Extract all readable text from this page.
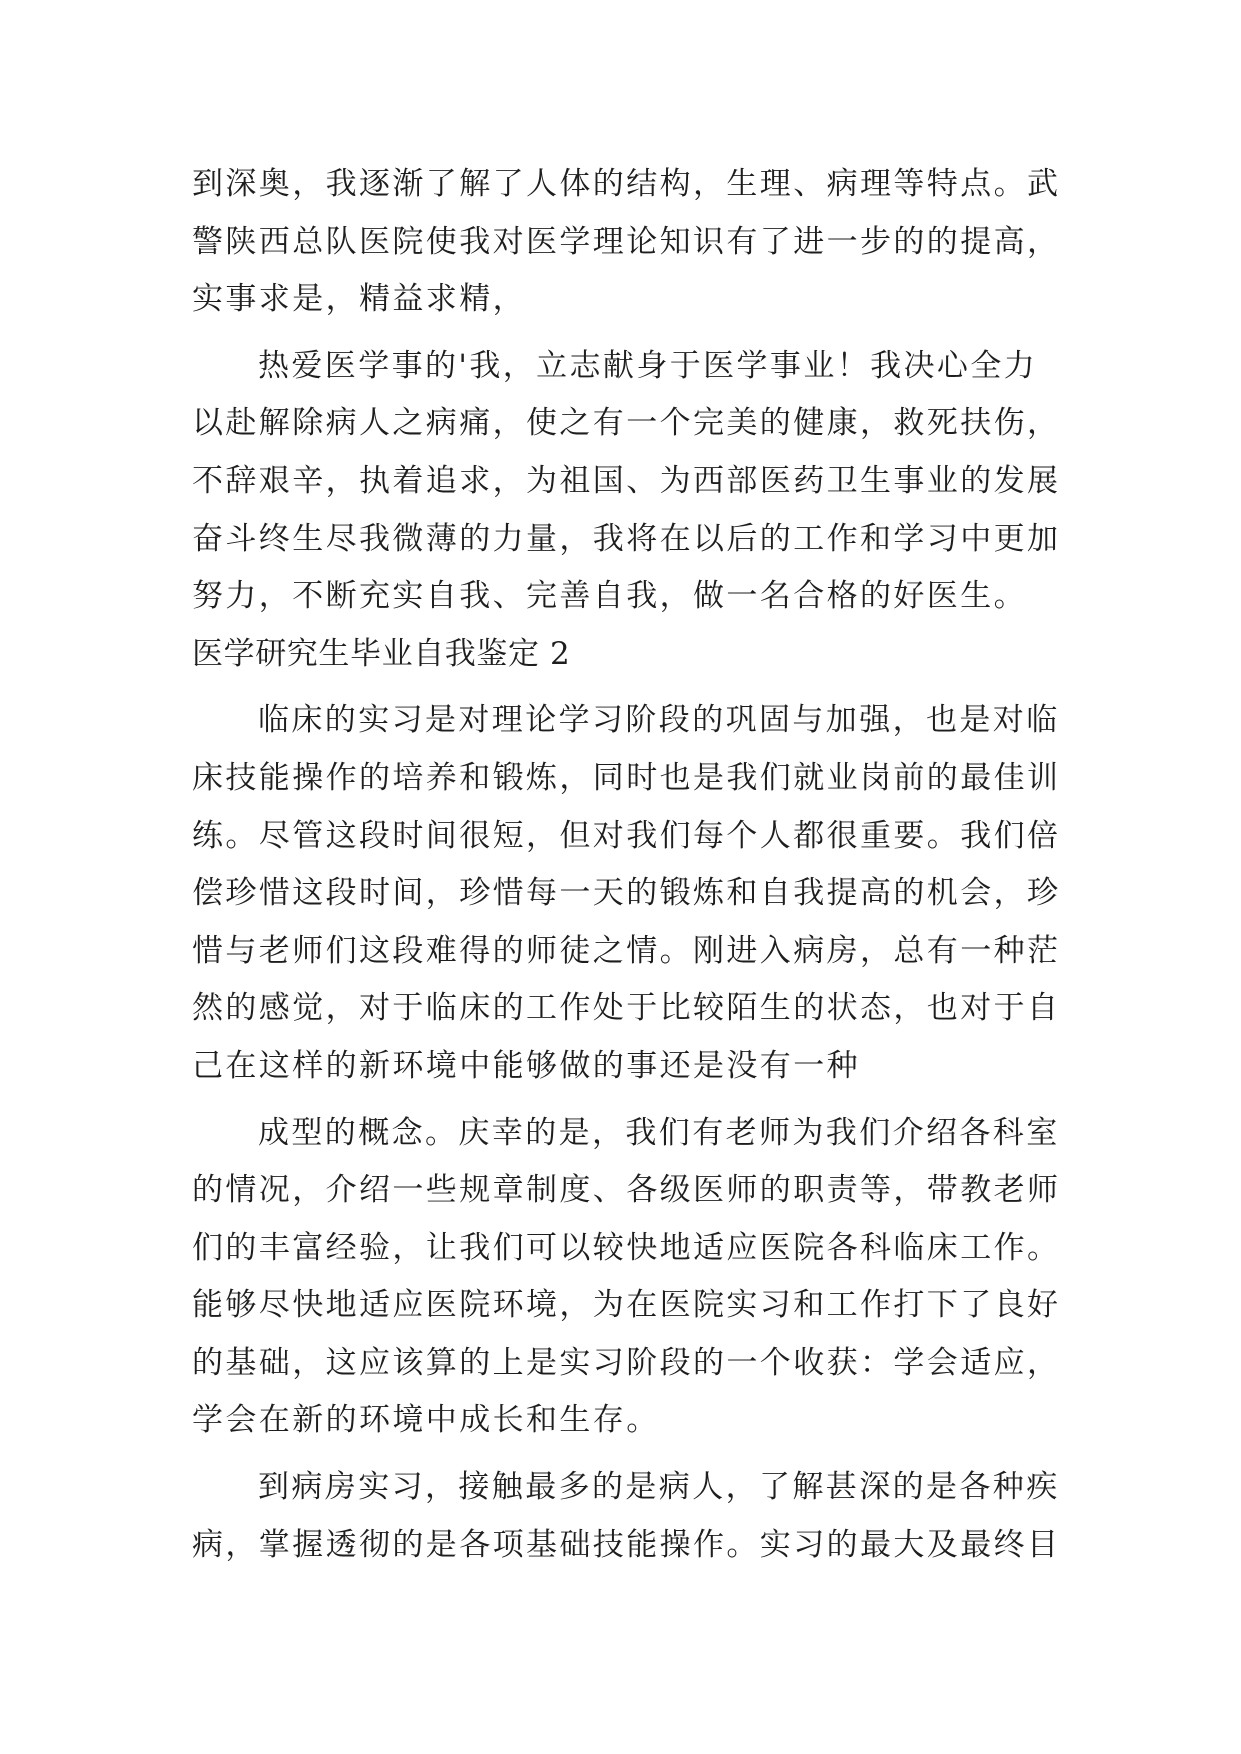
到深奥，我逐渐了解了人体的结构，生理、病理等特点。武
警陕西总队医院使我对医学理论知识有了进一步的的提高，
实事求是，精益求精，
热爱医学事的'我，立志献身于医学事业！我决心全力
以赴解除病人之病痛，使之有一个完美的健康，救死扶伤，
不辞艰辛，执着追求，为祖国、为西部医药卫生事业的发展
奋斗终生尽我微薄的力量，我将在以后的工作和学习中更加
努力，不断充实自我、完善自我，做一名合格的好医生。
医学研究生毕业自我鉴定 2
临床的实习是对理论学习阶段的巩固与加强，也是对临
床技能操作的培养和锻炼，同时也是我们就业岗前的最佳训
练。尽管这段时间很短，但对我们每个人都很重要。我们倍
偿珍惜这段时间，珍惜每一天的锻炼和自我提高的机会，珍
惜与老师们这段难得的师徒之情。刚进入病房，总有一种茫
然的感觉，对于临床的工作处于比较陌生的状态，也对于自
己在这样的新环境中能够做的事还是没有一种
成型的概念。庆幸的是，我们有老师为我们介绍各科室
的情况，介绍一些规章制度、各级医师的职责等，带教老师
们的丰富经验，让我们可以较快地适应医院各科临床工作。
能够尽快地适应医院环境，为在医院实习和工作打下了良好
的基础，这应该算的上是实习阶段的一个收获：学会适应，
学会在新的环境中成长和生存。
到病房实习，接触最多的是病人，了解甚深的是各种疾
病，掌握透彻的是各项基础技能操作。实习的最大及最终目
